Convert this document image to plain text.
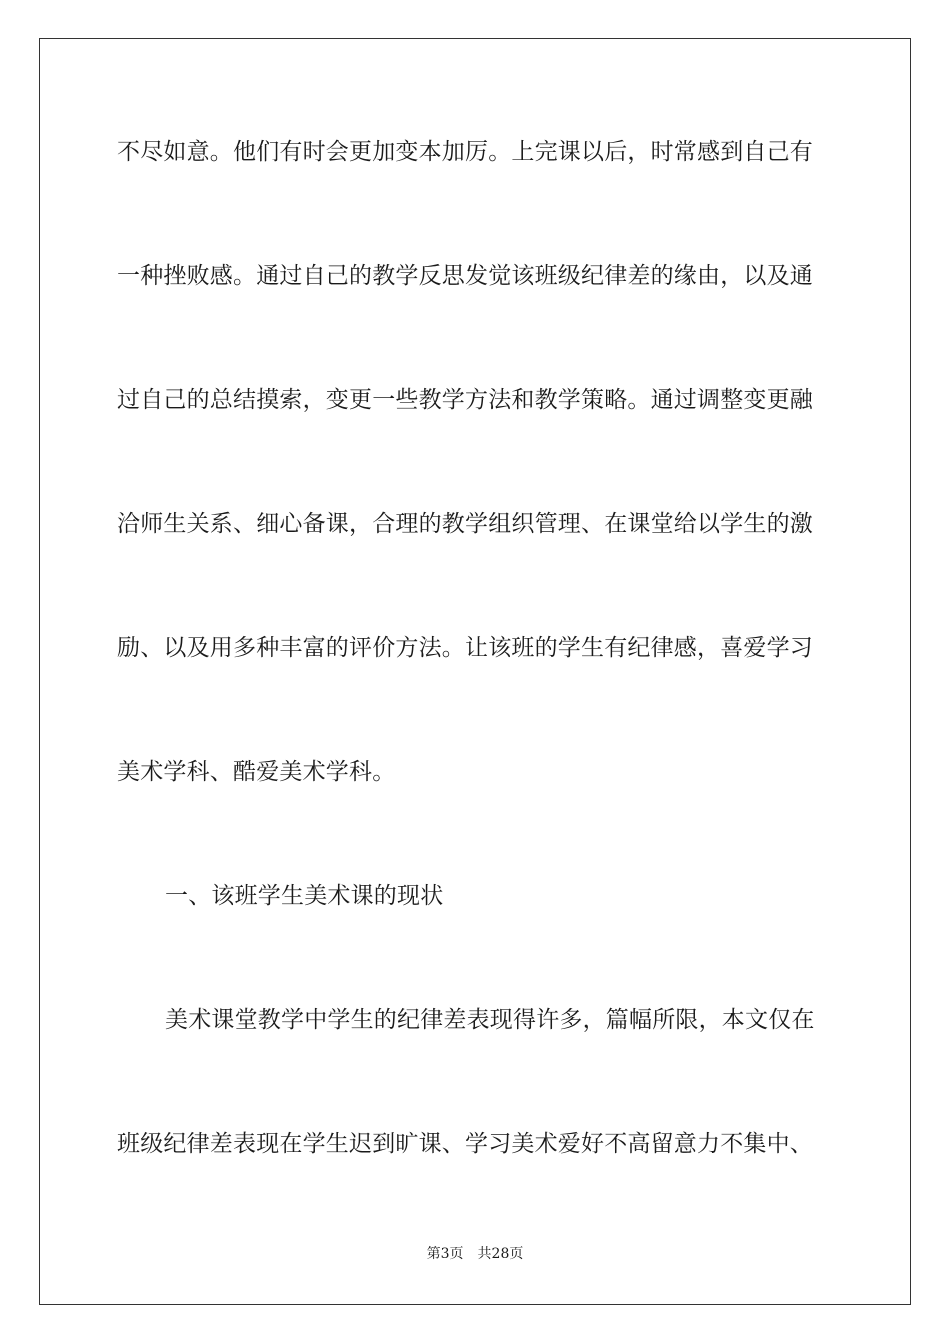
不尽如意。他们有时会更加变本加厉。上完课以后，时常感到自己有
一种挫败感。通过自己的教学反思发觉该班级纪律差的缘由，以及通
过自己的总结摸索，变更一些教学方法和教学策略。通过调整变更融
洽师生关系、细心备课，合理的教学组织管理、在课堂给以学生的激
励、以及用多种丰富的评价方法。让该班的学生有纪律感，喜爱学习
美术学科、酷爱美术学科。
一、该班学生美术课的现状
美术课堂教学中学生的纪律差表现得许多，篇幅所限，本文仅在
班级纪律差表现在学生迟到旷课、学习美术爱好不高留意力不集中、
第3页 共28页
